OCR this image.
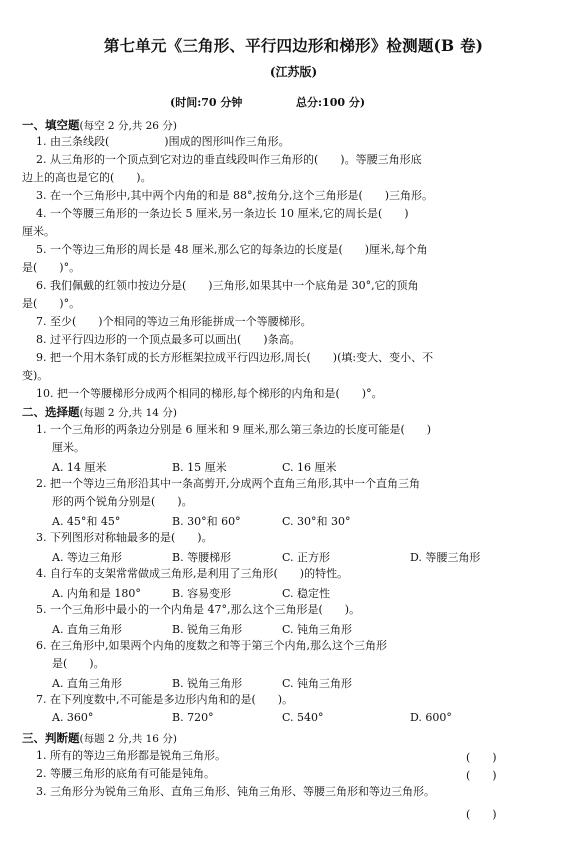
第七单元《三角形、平行四边形和梯形》检测题(B 卷)
(江苏版)
(时间:70 分钟	总分:100 分)
一、填空题(每空 2 分,共 26 分)
1. 由三条线段(　　　　　)围成的图形叫作三角形。
2. 从三角形的一个顶点到它对边的垂直线段叫作三角形的(　　)。等腰三角形底
边上的高也是它的(　　)。
3. 在一个三角形中,其中两个内角的和是 88°,按角分,这个三角形是(　　)三角形。
4. 一个等腰三角形的一条边长 5 厘米,另一条边长 10 厘米,它的周长是(　　)
厘米。
5. 一个等边三角形的周长是 48 厘米,那么它的每条边的长度是(　　)厘米,每个角
是(　　)°。
6. 我们佩戴的红领巾按边分是(　　)三角形,如果其中一个底角是 30°,它的顶角
是(　　)°。
7. 至少(　　)个相同的等边三角形能拼成一个等腰梯形。
8. 过平行四边形的一个顶点最多可以画出(　　)条高。
9. 把一个用木条钉成的长方形框架拉成平行四边形,周长(　　)(填:变大、变小、不
变)。
10. 把一个等腰梯形分成两个相同的梯形,每个梯形的内角和是(　　)°。
二、选择题(每题 2 分,共 14 分)
1. 一个三角形的两条边分别是 6 厘米和 9 厘米,那么第三条边的长度可能是(　　)
厘米。
A. 14 厘米	B. 15 厘米	C. 16 厘米
2. 把一个等边三角形沿其中一条高剪开,分成两个直角三角形,其中一个直角三角
形的两个锐角分别是(　　)。
A. 45°和 45°	B. 30°和 60°	C. 30°和 30°
3. 下列图形对称轴最多的是(　　)。
A. 等边三角形	B. 等腰梯形	C. 正方形	D. 等腰三角形
4. 自行车的支架常常做成三角形,是利用了三角形(　　)的特性。
A. 内角和是 180°	B. 容易变形	C. 稳定性
5. 一个三角形中最小的一个内角是 47°,那么这个三角形是(　　)。
A. 直角三角形	B. 锐角三角形	C. 钝角三角形
6. 在三角形中,如果两个内角的度数之和等于第三个内角,那么这个三角形
是(　　)。
A. 直角三角形	B. 锐角三角形	C. 钝角三角形
7. 在下列度数中,不可能是多边形内角和的是(　　)。
A. 360°	B. 720°	C. 540°	D. 600°
三、判断题(每题 2 分,共 16 分)
1. 所有的等边三角形都是锐角三角形。	(　　)
2. 等腰三角形的底角有可能是钝角。	(　　)
3. 三角形分为锐角三角形、直角三角形、钝角三角形、等腰三角形和等边三角形。
(　　)
